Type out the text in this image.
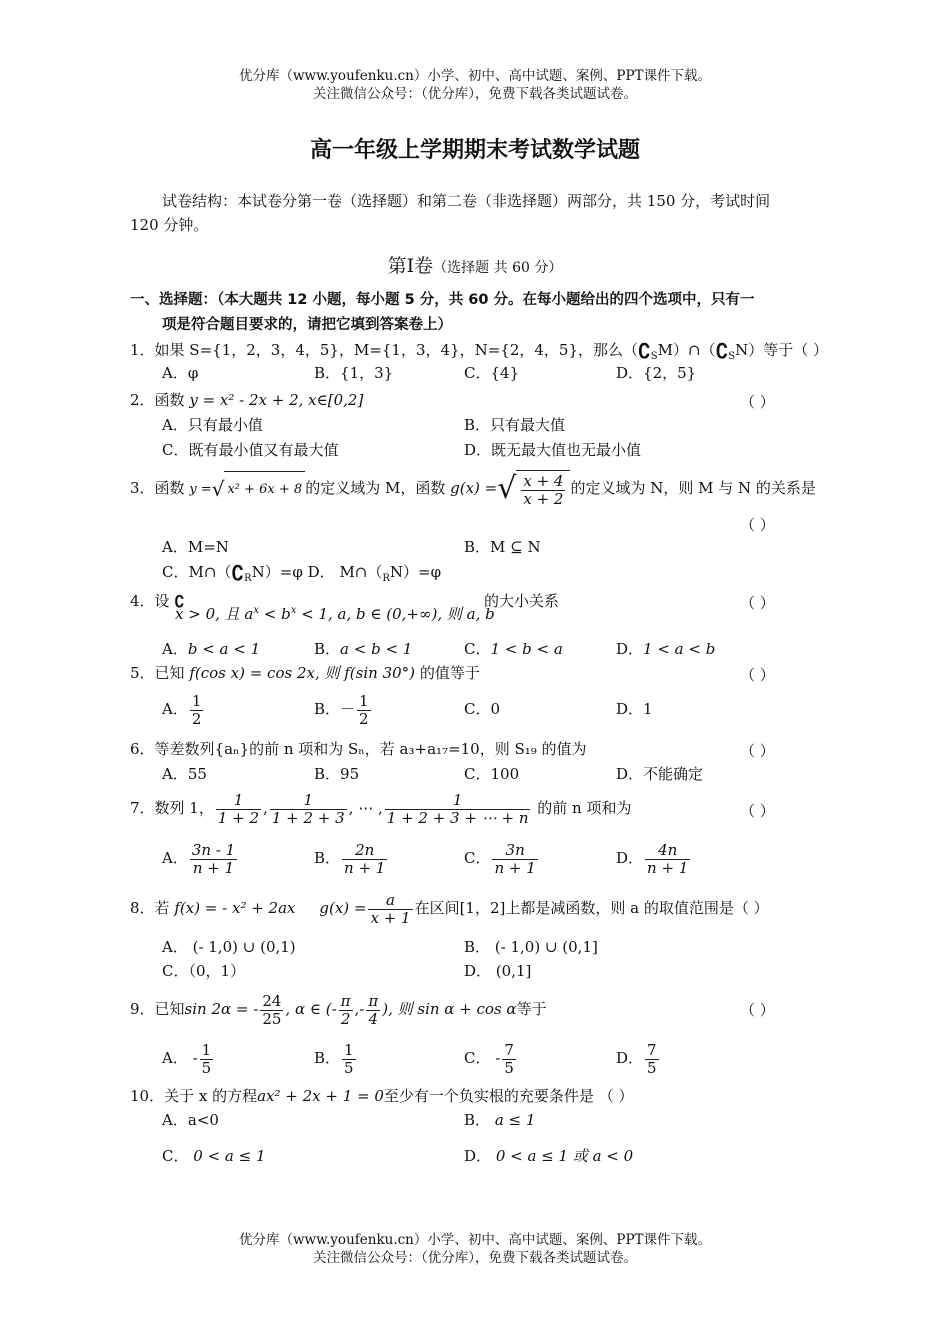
优分库（www.youfenku.cn）小学、初中、高中试题、案例、PPT课件下载。
关注微信公众号：（优分库），免费下载各类试题试卷。
高一年级上学期期末考试数学试题
试卷结构：本试卷分第一卷（选择题）和第二卷（非选择题）两部分，共 150 分，考试时间
120 分钟。
第Ⅰ卷（选择题 共 60 分）
一、选择题：（本大题共 12 小题，每小题 5 分，共 60 分。在每小题给出的四个选项中，只有一
项是符合题目要求的，请把它填到答案卷上）
1．如果 S={1，2，3，4，5}，M={1，3，4}，N={2，4，5}，那么$(∁_SM)\cap(∁_SN)$等于（ ）
A．φ	B．{1，3}	C．{4}	D．{2，5}
2．函数 y = x² - 2x + 2, x∈[0,2]	（ ）
A．只有最小值	B．只有最大值
C．既有最小值又有最大值	D．既无最大值也无最小值
3．函数 y =√ x² + 6x + 8 的定义域为 M，函数 g(x) =√ $\frac{x + 4}{x + 2}$ 的定义域为 N，则 M 与 N 的关系是
（ ）
A．M=N	B．M ⊆ N
C．$M\cap(∁_RN)=\varphi$ D． $M\cap(_RN)=\varphi$
4．设 ∁
x > 0, 且 $a^x < b^x < 1$, a, b ∈ (0,+∞), 则 a, b
的大小关系	（ ）
A．b < a < 1	B．a < b < 1	C．1 < b < a	D．1 < a < b
5．已知 f(cos x) = cos 2x, 则 f(sin 30°) 的值等于	（ ）
A． $\frac{1}{2}$	B．－ $\frac{1}{2}$	C．0	D．1
6．等差数列{aₙ}的前 n 项和为 Sₙ，若 a₃+a₁₇=10，则 S₁₉ 的值为	（ ）
A．55	B．95	C．100	D．不能确定
7．数列 1， $\frac{1}{1 + 2}$ , $\frac{1}{1 + 2 + 3}$ , ⋯ , $\frac{1}{1 + 2 + 3 + \cdots + n}$ 的前 n 项和为	（ ）
A． $\frac{3n - 1}{n + 1}$	B． $\frac{2n}{n + 1}$	C． $\frac{3n}{n + 1}$	D． $\frac{4n}{n + 1}$
8．若 f(x) = - x² + 2ax $g(x) = \frac{a}{x + 1}$ 在区间[1，2]上都是减函数，则 a 的取值范围是（ ）
A． (- 1,0) ∪ (0,1)	B． (- 1,0) ∪ (0,1]
C．（0，1）	D． (0,1]
9．已知sin 2α = - $\frac{24}{25}$ , α ∈ (- $\frac{\pi}{2}$ ,- $\frac{\pi}{4}$ ), 则 sin α + cos α等于	（ ）
A． - $\frac{1}{5}$	B． $\frac{1}{5}$	C． - $\frac{7}{5}$	D． $\frac{7}{5}$
10．关于 x 的方程ax² + 2x + 1 = 0至少有一个负实根的充要条件是 （ ）
A．a<0	B． a ≤ 1
C． 0 < a ≤ 1	D． 0 < a ≤ 1 或 a < 0
优分库（www.youfenku.cn）小学、初中、高中试题、案例、PPT课件下载。
关注微信公众号：（优分库），免费下载各类试题试卷。
